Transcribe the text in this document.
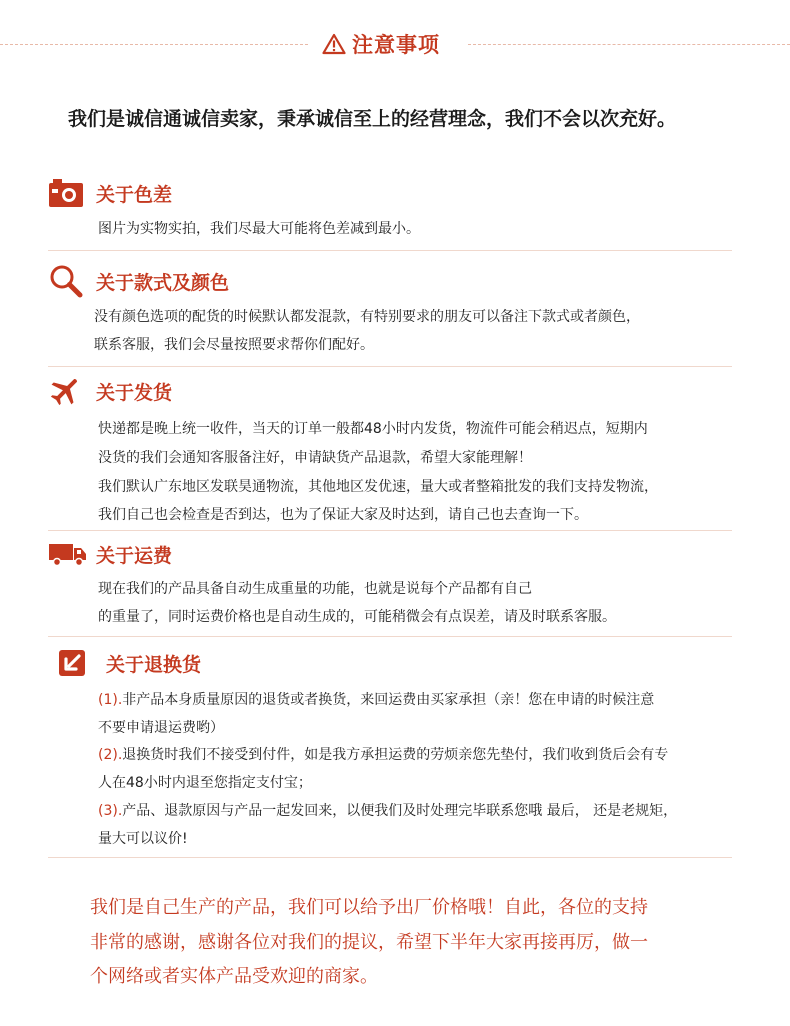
注意事项
我们是诚信通诚信卖家，秉承诚信至上的经营理念，我们不会以次充好。
关于色差
图片为实物实拍，我们尽最大可能将色差减到最小。
关于款式及颜色
没有颜色选项的配货的时候默认都发混款，有特别要求的朋友可以备注下款式或者颜色，
联系客服，我们会尽量按照要求帮你们配好。
关于发货
快递都是晚上统一收件，当天的订单一般都48小时内发货，物流件可能会稍迟点，短期内
没货的我们会通知客服备注好，申请缺货产品退款，希望大家能理解！
我们默认广东地区发联昊通物流，其他地区发优速，量大或者整箱批发的我们支持发物流，
我们自己也会检查是否到达，也为了保证大家及时达到，请自己也去查询一下。
关于运费
现在我们的产品具备自动生成重量的功能，也就是说每个产品都有自己
的重量了，同时运费价格也是自动生成的，可能稍微会有点误差，请及时联系客服。
关于退换货
(1).非产品本身质量原因的退货或者换货，来回运费由买家承担（亲！您在申请的时候注意
不要申请退运费哟）
(2).退换货时我们不接受到付件，如是我方承担运费的劳烦亲您先垫付，我们收到货后会有专
人在48小时内退至您指定支付宝；
(3).产品、退款原因与产品一起发回来，以便我们及时处理完毕联系您哦 最后， 还是老规矩，
量大可以议价!
我们是自己生产的产品，我们可以给予出厂价格哦！自此，各位的支持
非常的感谢，感谢各位对我们的提议，希望下半年大家再接再厉，做一
个网络或者实体产品受欢迎的商家。
